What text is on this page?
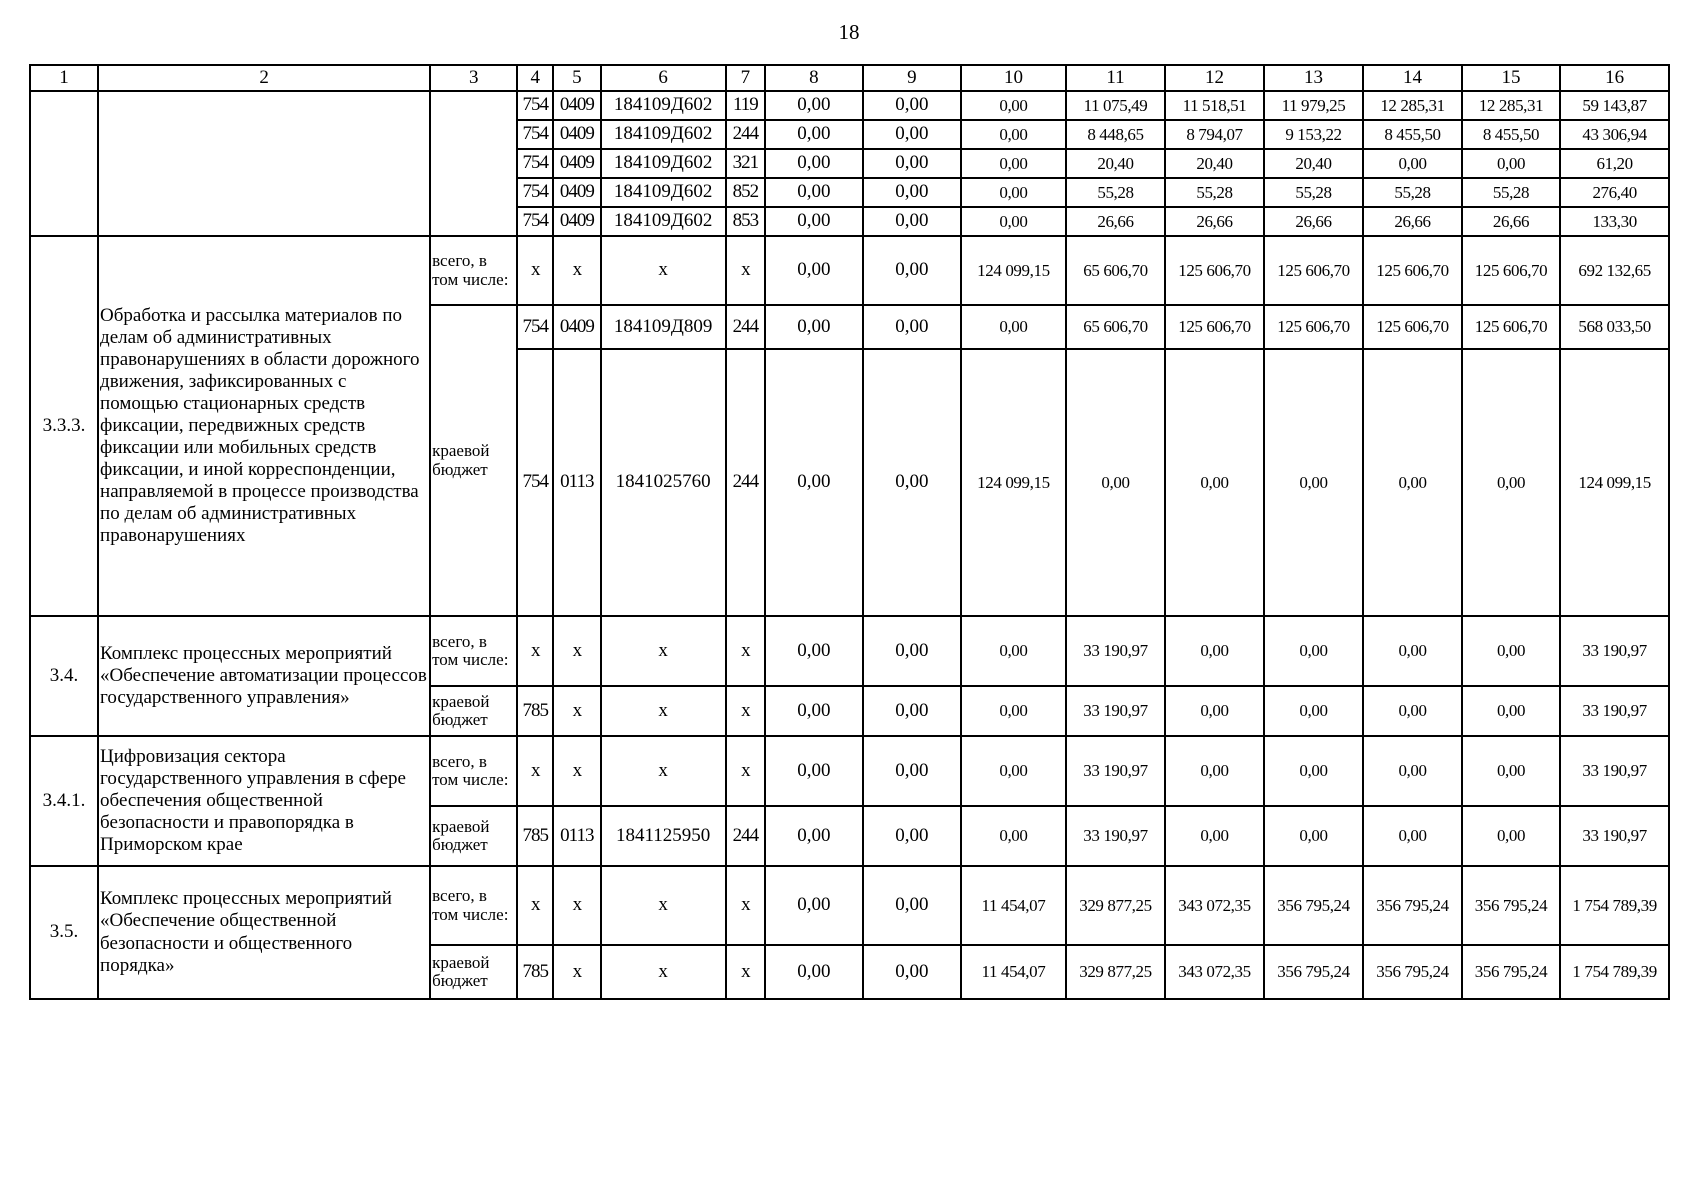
18
1	2	3	4	5	6	7	8	9	10	11	12	13	14	15	16
			754	0409	184109Д602	119	0,00	0,00	0,00	11 075,49	11 518,51	11 979,25	12 285,31	12 285,31	59 143,87
			754	0409	184109Д602	244	0,00	0,00	0,00	8 448,65	8 794,07	9 153,22	8 455,50	8 455,50	43 306,94
			754	0409	184109Д602	321	0,00	0,00	0,00	20,40	20,40	20,40	0,00	0,00	61,20
			754	0409	184109Д602	852	0,00	0,00	0,00	55,28	55,28	55,28	55,28	55,28	276,40
			754	0409	184109Д602	853	0,00	0,00	0,00	26,66	26,66	26,66	26,66	26,66	133,30
3.3.3.	Обработка и рассылка материалов по делам об административных правонарушениях в области дорожного движения, зафиксированных с помощью стационарных средств фиксации, передвижных средств фиксации или мобильных средств фиксации, и иной корреспонденции, направляемой в процессе производства по делам об административных правонарушениях	всего, в том числе:	х	х	х	х	0,00	0,00	124 099,15	65 606,70	125 606,70	125 606,70	125 606,70	125 606,70	692 132,65
		краевой бюджет	754	0409	184109Д809	244	0,00	0,00	0,00	65 606,70	125 606,70	125 606,70	125 606,70	125 606,70	568 033,50
			754	0113	1841025760	244	0,00	0,00	124 099,15	0,00	0,00	0,00	0,00	0,00	124 099,15
3.4.	Комплекс процессных мероприятий «Обеспечение автоматизации процессов государственного управления»	всего, в том числе:	х	х	х	х	0,00	0,00	0,00	33 190,97	0,00	0,00	0,00	0,00	33 190,97
		краевой бюджет	785	х	х	х	0,00	0,00	0,00	33 190,97	0,00	0,00	0,00	0,00	33 190,97
3.4.1.	Цифровизация сектора государственного управления в сфере обеспечения общественной безопасности и правопорядка в Приморском крае	всего, в том числе:	х	х	х	х	0,00	0,00	0,00	33 190,97	0,00	0,00	0,00	0,00	33 190,97
		краевой бюджет	785	0113	1841125950	244	0,00	0,00	0,00	33 190,97	0,00	0,00	0,00	0,00	33 190,97
3.5.	Комплекс процессных мероприятий «Обеспечение общественной безопасности и общественного порядка»	всего, в том числе:	х	х	х	х	0,00	0,00	11 454,07	329 877,25	343 072,35	356 795,24	356 795,24	356 795,24	1 754 789,39
		краевой бюджет	785	х	х	х	0,00	0,00	11 454,07	329 877,25	343 072,35	356 795,24	356 795,24	356 795,24	1 754 789,39
